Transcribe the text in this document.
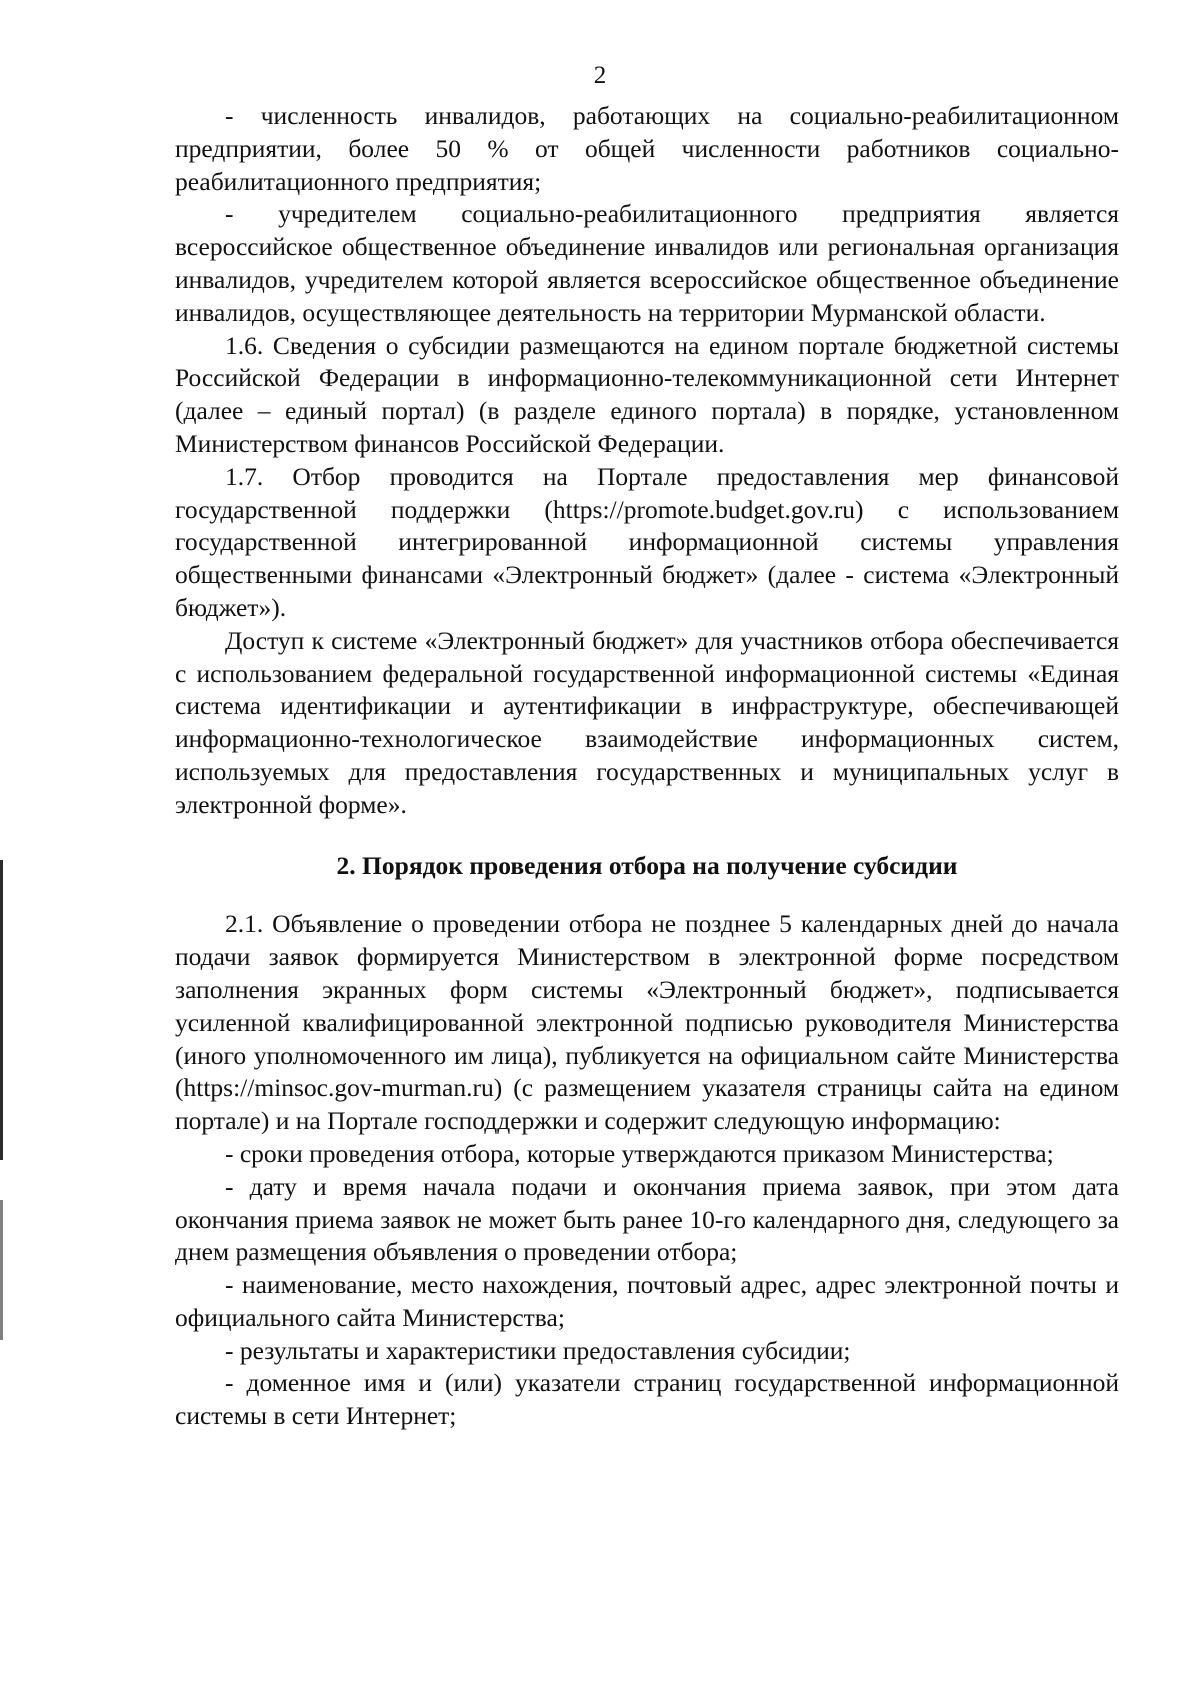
2

- численность инвалидов, работающих на социально-реабилитационном предприятии, более 50 % от общей численности работников социально-реабилитационного предприятия;

- учредителем социально-реабилитационного предприятия является всероссийское общественное объединение инвалидов или региональная организация инвалидов, учредителем которой является всероссийское общественное объединение инвалидов, осуществляющее деятельность на территории Мурманской области.

1.6. Сведения о субсидии размещаются на едином портале бюджетной системы Российской Федерации в информационно-телекоммуникационной сети Интернет (далее – единый портал) (в разделе единого портала) в порядке, установленном Министерством финансов Российской Федерации.

1.7. Отбор проводится на Портале предоставления мер финансовой государственной поддержки (https://promote.budget.gov.ru) с использованием государственной интегрированной информационной системы управления общественными финансами «Электронный бюджет» (далее - система «Электронный бюджет»).

Доступ к системе «Электронный бюджет» для участников отбора обеспечивается с использованием федеральной государственной информационной системы «Единая система идентификации и аутентификации в инфраструктуре, обеспечивающей информационно-технологическое взаимодействие информационных систем, используемых для предоставления государственных и муниципальных услуг в электронной форме».

2. Порядок проведения отбора на получение субсидии

2.1. Объявление о проведении отбора не позднее 5 календарных дней до начала подачи заявок формируется Министерством в электронной форме посредством заполнения экранных форм системы «Электронный бюджет», подписывается усиленной квалифицированной электронной подписью руководителя Министерства (иного уполномоченного им лица), публикуется на официальном сайте Министерства (https://minsoc.gov-murman.ru) (с размещением указателя страницы сайта на едином портале) и на Портале господдержки и содержит следующую информацию:

- сроки проведения отбора, которые утверждаются приказом Министерства;

- дату и время начала подачи и окончания приема заявок, при этом дата окончания приема заявок не может быть ранее 10-го календарного дня, следующего за днем размещения объявления о проведении отбора;

- наименование, место нахождения, почтовый адрес, адрес электронной почты и официального сайта Министерства;

- результаты и характеристики предоставления субсидии;

- доменное имя и (или) указатели страниц государственной информационной системы в сети Интернет;
